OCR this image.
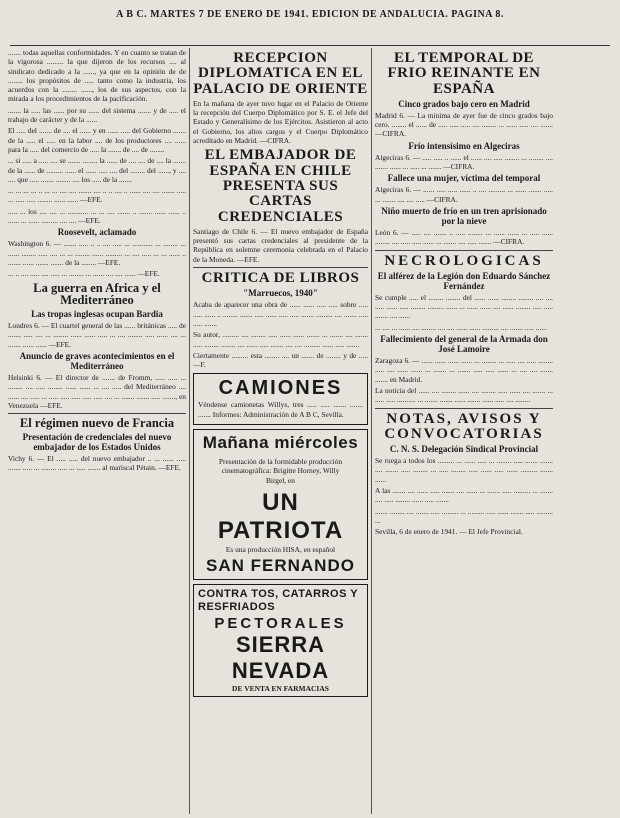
A B C. MARTES 7 DE ENERO DE 1941. EDICION DE ANDALUCIA. PAGINA 8.

....... todas aquellas conformidades. Y en cuanto se tratan de la vigorosa ......... la que dijeron de los recursos .... al sindicato dedicado a la ......, ya que en la opinión de de ........ los propósitos de ..... tanto como la industria, los acuerdos con la ........ ......, los de sus aspectos, con la mirada a los procedimientos de la pacificación.

....... la ..... las ...... por su ...... del sistema ....... y de ..... el trabajo de carácter y de la ......

El ..... del ....... de .... el ...... y en ...... ..... del Gobierno ....... de la ..... el ..... en la labor .... de los productores .... ...... para la ..... del comercio de ..... la ....... de .... de ........

... si ..... a ..... .... se ....... ........ la ...... de .... .... de .... la ....... de la ...... de ......... ...... el ...... ..... .... del ........ del ......, y .... .... que ..... ....... ........ .... los ..... de la .......

... ... ... ... .. ... ... .... .... ....... .... .. .. .... .. ...... .... .... ....... ..... ... ..... ..... ........ ...... ...... —EFE.

..... ... los .... .... ... ........... ... ... .... ....... .. ....... ...... ...... .. ...... ... ...... ......... .... .... —EFE.

Roosevelt, aclamado

Washington 6. — ....... ..... .. .. .... ..... ... ........... ... ........ ... ...... ........ ..... .... ... ... ........ ...... ......... ... .... ..... ... ... ...... .. ....... ...... ....... ....... de la ........ —EFE.

... .. .... ..... .... ..... ... ........ ... ...... .... .... ...... —EFE.

La guerra en Africa y el Mediterráneo
Las tropas inglesas ocupan Bardia

Londres 6. — El cuartel general de las ...... británicas ..... de ....... ..... .... ... ........ ...... ...... ..... ... .... ........ ..... ...... .... ... ....... ...... ...... —EFE.

Anuncio de graves acontecimientos en el Mediterráneo

Helsinki 6. — El director de ....... de Fromm, ..... ..... ... ........ .... ..... ........ ...... ...... ... .... ..... del Mediterráneo .... ...... .... ..... ... ..... ..... ..... ..... ..... .... ... ....... ....... ..... ......., en Venezuela —EFE.

El régimen nuevo de Francia
Presentación de credenciales del nuevo embajador de los Estados Unidos

Vichy 6. — El ..... ..... del nuevo embajador .. ... ...... ..... ....... ..... ... ........ ..... ... ..... ....... al mariscal Pétain. —EFE.

RECEPCION DIPLOMATICA EN EL PALACIO DE ORIENTE

En la mañana de ayer tuvo lugar en el Palacio de Oriente la recepción del Cuerpo Diplomático por S. E. el Jefe del Estado y Generalísimo de los Ejércitos. Asistieron al acto el Gobierno, los altos cargos y el Cuerpo Diplomático acreditado en Madrid. —CIFRA.

EL EMBAJADOR DE ESPAÑA EN CHILE PRESENTA SUS CARTAS CREDENCIALES

Santiago de Chile 6. — El nuevo embajador de España presentó sus cartas credenciales al presidente de la República en solemne ceremonia celebrada en el Palacio de la Moneda. —EFE.

CRITICA DE LIBROS
"Marruecos, 1940"

Acaba de aparecer una obra de ...... ...... ..... ..... sobre ..... ..... ...... .. ........ ....... ..... ...... ..... ..... ....... ......... .... ....... ..... ..... .......

Su autor, ......... .... ........ ..... ...... ...... ....... ... ....... .... ....... ..... ........ ........ .... ...... ..... ....... .... .... ......... ...... ..... .......

Ciertamente ......... esta ........ .... un ....... de ........ y de ..... —F.

CAMIONES

Véndense camionetas Willys, tres ..... ..... ....... ....... ....... Informes: Administración de A B C, Sevilla.

Mañana miércoles

Presentación de la formidable producción cinematográfica: Brigitte Horney, Willy Birgel, en

UN PATRIOTA

Es una producción HISA, en español

SAN FERNANDO
CONTRA TOS, CATARROS Y RESFRIADOS
PECTORALES
SIERRA NEVADA
DE VENTA EN FARMACIAS
EL TEMPORAL DE FRIO REINANTE EN ESPAÑA
Cinco grados bajo cero en Madrid

Madrid 6. — La mínima de ayer fue de cinco grados bajo cero. ........ el ...... de ..... ..... ..... .... ........ ... ...... ..... .... ....... —CIFRA.

Frío intensísimo en Algeciras

Algeciras 6. — ..... ..... .. ...... el ...... .... ..... ........ ... ........ .... ....... ...... ... ..... ... ....... —CIFRA.

Fallece una mujer, víctima del temporal

Algeciras 6. — ...... ..... ..... ...... .. .... ......... ... ...... ....... ..... ... ....... .... .... ..... —CIFRA.

Niño muerto de frío en un tren aprisionado por la nieve

León 6. — ..... .... ....... .. ..... ........ ... ...... ...... ... ..... ...... ........ .... ..... ..... ...... ... ....... .... ..... ....... —CIFRA.

NECROLOGICAS
El alférez de la Legión don Eduardo Sánchez Fernández

Se cumple ..... el ........ ........ del ...... ...... ........ ........ .... .... ..... ...... ..... ........ ......... ...... ... ...... ...... .... ...... ........ ..... ..... ....... .... ......

... .... ... ...... .... ........ .... .... ...... ...... ......... .... ....... ..... ......

Fallecimiento del general de la Armada don José Lamoire

Zaragoza 6. — ...... ...... ...... ...... ... ........ ... ..... .... ..... ........ ..... .... ...... ...... ... ....... ... ....... ..... ..... ...... ... .... .... ....... ....... en Madrid.

La noticia del ...... .... ........ ...... .... ........ ..... ...... .... ....... ... ..... ..... .......... ... ....... ....... ...... ....... ...... ..... .... ........

NOTAS, AVISOS Y CONVOCATORIAS
C. N. S. Delegación Sindical Provincial

Se ruega a todos los ......... ... ...... ..... ... ........ ..... ....... ....... .... ....... ..... ........ ... ..... ........ ..... ...... ..... ...... ......... ....... ......

A las ....... .... ...... ..... ....... .... ...... ... ....... ..... ......... ... ....... .... ..... ........ ...... ..... .......

....... ........ .... ....... ..... ......... ... ......... ..... ...... ....... ..... ......... ...

Sevilla, 6 de enero de 1941. — El Jefe Provincial.
